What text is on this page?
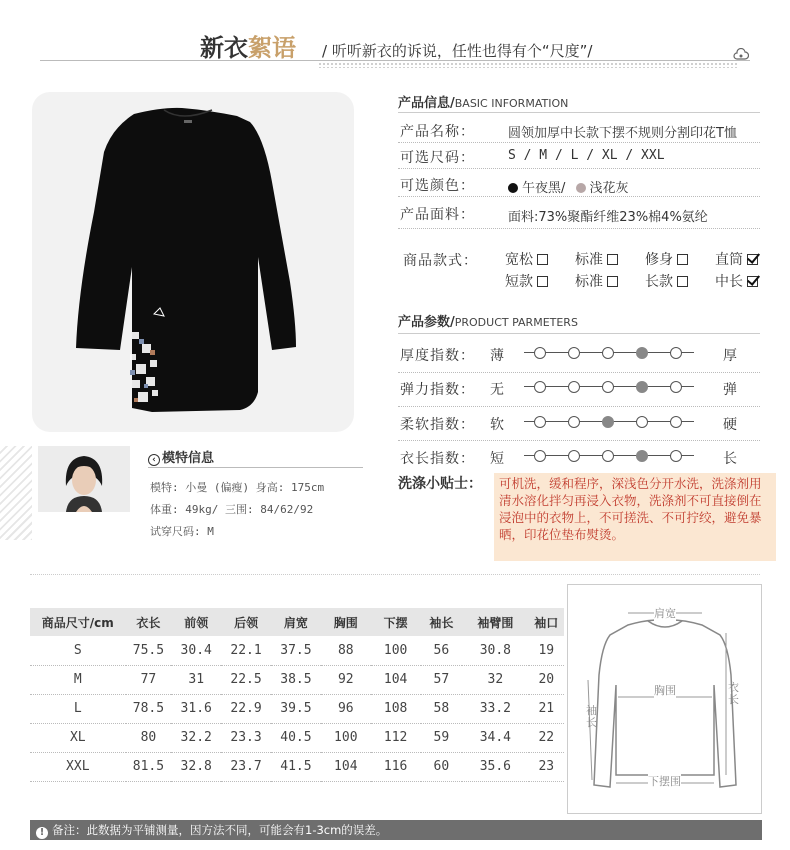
新衣絮语 / 听听新衣的诉说，任性也得有个“尺度”/
‹ 模特信息
模特: 小曼 (偏瘦) 身高: 175cm
体重: 49kg/ 三围: 84/62/92
试穿尺码: M
产品信息/BASIC INFORMATION
产品名称：	圆领加厚中长款下摆不规则分割印花T恤
可选尺码：	S / M / L / XL / XXL
可选颜色：	午夜黑/ 浅花灰
产品面料：	面料:73%聚酯纤维23%棉4%氨纶
商品款式： 宽松	标准	修身	直筒
短款	标准	长款	中长
产品参数/PRODUCT PARMETERS
厚度指数： 薄	厚
弹力指数： 无	弹
柔软指数： 软	硬
衣长指数： 短	长
洗涤小贴士： 可机洗，缓和程序，深浅色分开水洗，洗涤剂用清水溶化拌匀再浸入衣物，洗涤剂不可直接倒在浸泡中的衣物上，不可搓洗、不可拧绞，避免暴晒，印花位垫布熨烫。
商品尺寸/cm	衣长	前领	后领	肩宽	胸围	下摆	袖长	袖臂围	袖口
S	75.5	30.4	22.1	37.5	88	100	56	30.8	19
M	77	31	22.5	38.5	92	104	57	32	20
L	78.5	31.6	22.9	39.5	96	108	58	33.2	21
XL	80	32.2	23.3	40.5	100	112	59	34.4	22
XXL	81.5	32.8	23.7	41.5	104	116	60	35.6	23
肩宽
胸围	衣长
袖长
下摆围
! 备注：此数据为平铺测量，因方法不同，可能会有1-3cm的误差。
